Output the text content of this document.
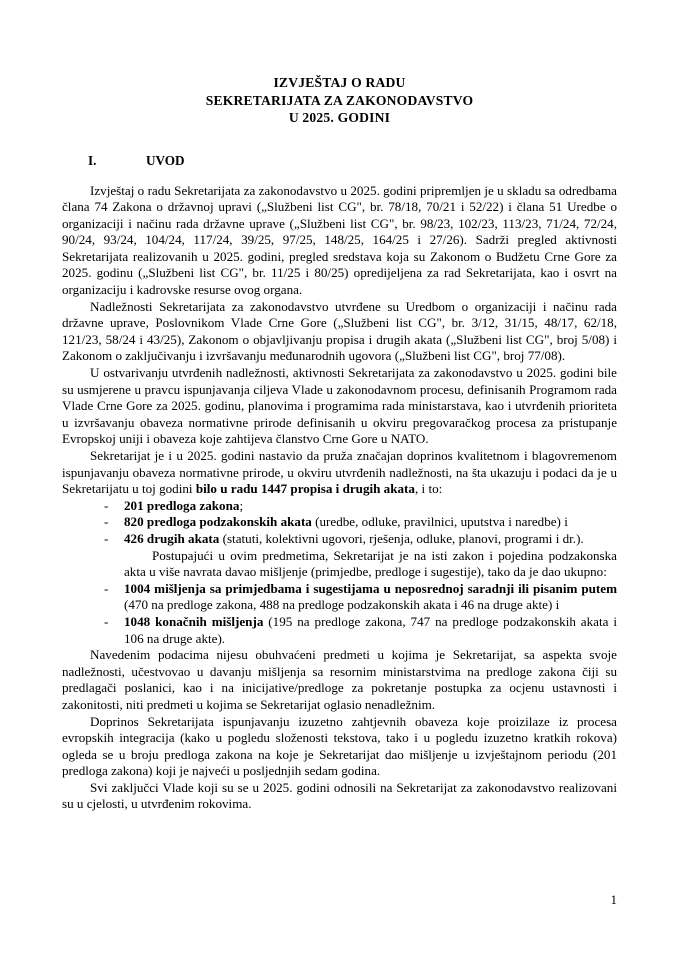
IZVJEŠTAJ O RADU
SEKRETARIJATA ZA ZAKONODAVSTVO
U 2025. GODINI
I.	UVOD

Izvještaj o radu Sekretarijata za zakonodavstvo u 2025. godini pripremljen je u skladu sa odredbama člana 74 Zakona o državnoj upravi („Službeni list CG", br. 78/18, 70/21 i 52/22) i člana 51 Uredbe o organizaciji i načinu rada državne uprave („Službeni list CG", br. 98/23, 102/23, 113/23, 71/24, 72/24, 90/24, 93/24, 104/24, 117/24, 39/25, 97/25, 148/25, 164/25 i 27/26). Sadrži pregled aktivnosti Sekretarijata realizovanih u 2025. godini, pregled sredstava koja su Zakonom o Budžetu Crne Gore za 2025. godinu („Službeni list CG", br. 11/25 i 80/25) opredijeljena za rad Sekretarijata, kao i osvrt na organizaciju i kadrovske resurse ovog organa.

Nadležnosti Sekretarijata za zakonodavstvo utvrđene su Uredbom o organizaciji i načinu rada državne uprave, Poslovnikom Vlade Crne Gore („Službeni list CG", br. 3/12, 31/15, 48/17, 62/18, 121/23, 58/24 i 43/25), Zakonom o objavljivanju propisa i drugih akata („Službeni list CG", broj 5/08) i Zakonom o zaključivanju i izvršavanju međunarodnih ugovora („Službeni list CG", broj 77/08).

U ostvarivanju utvrđenih nadležnosti, aktivnosti Sekretarijata za zakonodavstvo u 2025. godini bile su usmjerene u pravcu ispunjavanja ciljeva Vlade u zakonodavnom procesu, definisanih Programom rada Vlade Crne Gore za 2025. godinu, planovima i programima rada ministarstava, kao i utvrđenih prioriteta u izvršavanju obaveza normativne prirode definisanih u okviru pregovaračkog procesa za pristupanje Evropskoj uniji i obaveza koje zahtijeva članstvo Crne Gore u NATO.

Sekretarijat je i u 2025. godini nastavio da pruža značajan doprinos kvalitetnom i blagovremenom ispunjavanju obaveza normativne prirode, u okviru utvrđenih nadležnosti, na šta ukazuju i podaci da je u Sekretarijatu u toj godini bilo u radu 1447 propisa i drugih akata, i to:

- 201 predloga zakona;
- 820 predloga podzakonskih akata (uredbe, odluke, pravilnici, uputstva i naredbe) i
- 426 drugih akata (statuti, kolektivni ugovori, rješenja, odluke, planovi, programi i dr.).

Postupajući u ovim predmetima, Sekretarijat je na isti zakon i pojedina podzakonska akta u više navrata davao mišljenje (primjedbe, predloge i sugestije), tako da je dao ukupno:

- 1004 mišljenja sa primjedbama i sugestijama u neposrednoj saradnji ili pisanim putem (470 na predloge zakona, 488 na predloge podzakonskih akata i 46 na druge akte) i
- 1048 konačnih mišljenja (195 na predloge zakona, 747 na predloge podzakonskih akata i 106 na druge akte).

Navedenim podacima nijesu obuhvaćeni predmeti u kojima je Sekretarijat, sa aspekta svoje nadležnosti, učestvovao u davanju mišljenja sa resornim ministarstvima na predloge zakona čiji su predlagači poslanici, kao i na inicijative/predloge za pokretanje postupka za ocjenu ustavnosti i zakonitosti, niti predmeti u kojima se Sekretarijat oglasio nenadležnim.

Doprinos Sekretarijata ispunjavanju izuzetno zahtjevnih obaveza koje proizilaze iz procesa evropskih integracija (kako u pogledu složenosti tekstova, tako i u pogledu izuzetno kratkih rokova) ogleda se u broju predloga zakona na koje je Sekretarijat dao mišljenje u izvještajnom periodu (201 predloga zakona) koji je najveći u posljednjih sedam godina.

Svi zaključci Vlade koji su se u 2025. godini odnosili na Sekretarijat za zakonodavstvo realizovani su u cjelosti, u utvrđenim rokovima.

1
